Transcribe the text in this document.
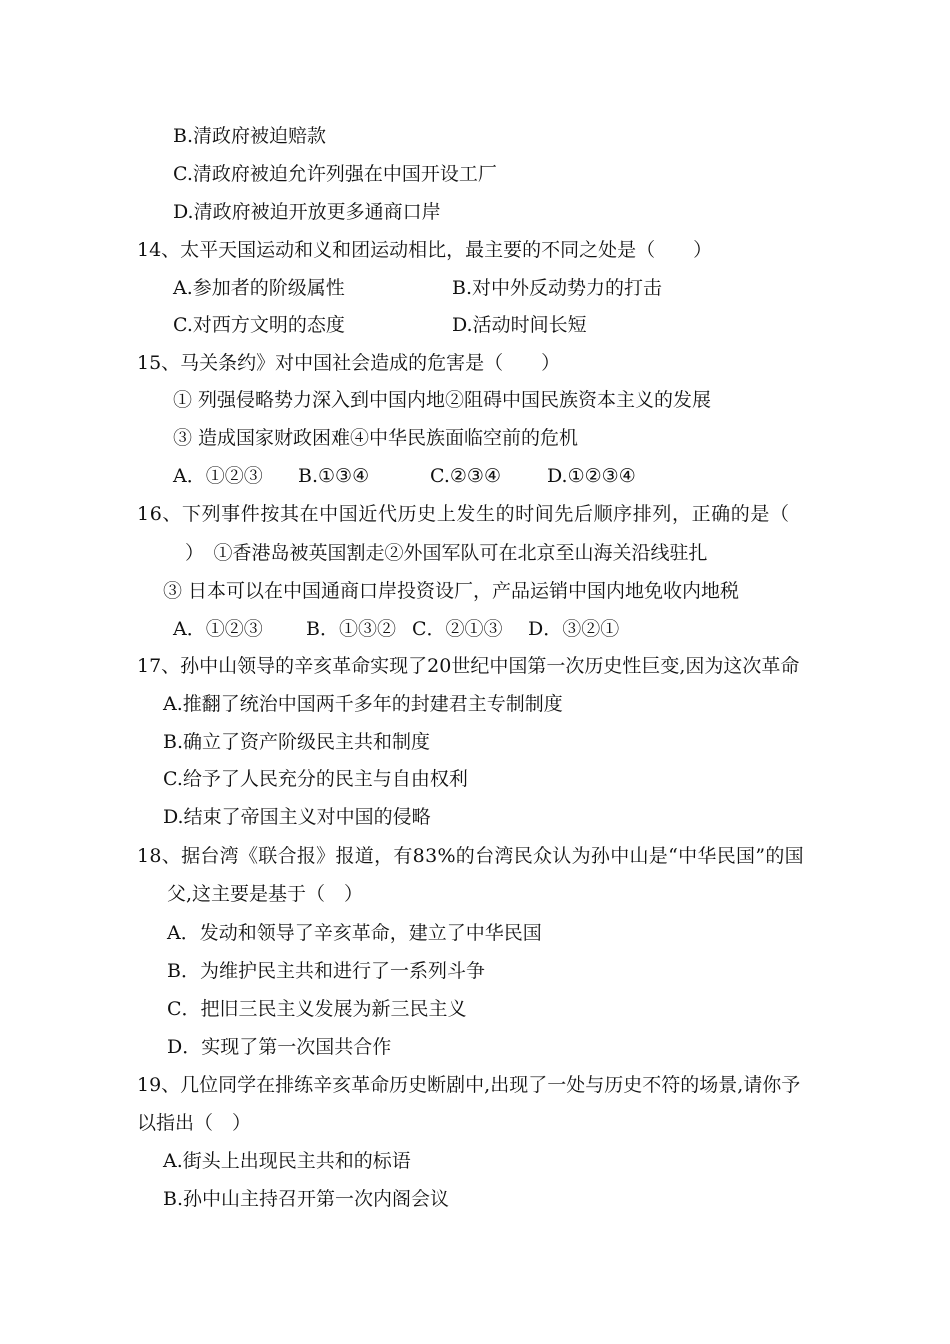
B.清政府被迫赔款
C.清政府被迫允许列强在中国开设工厂
D.清政府被迫开放更多通商口岸
14、太平天国运动和义和团运动相比，最主要的不同之处是（　　）
A.参加者的阶级属性	B.对中外反动势力的打击
C.对西方文明的态度	D.活动时间长短
15、马关条约》对中国社会造成的危害是（　　）
① 列强侵略势力深入到中国内地②阻碍中国民族资本主义的发展
③ 造成国家财政困难④中华民族面临空前的危机
A．①②③ B.①③④	C.②③④ D.①②③④
16、下列事件按其在中国近代历史上发生的时间先后顺序排列，正确的是（
）　①香港岛被英国割走②外国军队可在北京至山海关沿线驻扎
③ 日本可以在中国通商口岸投资设厂，产品运销中国内地免收内地税
A．①②③ B．①③② C．②①③ D．③②①
17、孙中山领导的辛亥革命实现了20世纪中国第一次历史性巨变,因为这次革命
A.推翻了统治中国两千多年的封建君主专制制度
B.确立了资产阶级民主共和制度
C.给予了人民充分的民主与自由权利
D.结束了帝国主义对中国的侵略
18、据台湾《联合报》报道，有83%的台湾民众认为孙中山是“中华民国”的国
父,这主要是基于（　）
A．发动和领导了辛亥革命，建立了中华民国
B．为维护民主共和进行了一系列斗争
C．把旧三民主义发展为新三民主义
D．实现了第一次国共合作
19、几位同学在排练辛亥革命历史断剧中,出现了一处与历史不符的场景,请你予
以指出（　）
A.街头上出现民主共和的标语
B.孙中山主持召开第一次内阁会议
